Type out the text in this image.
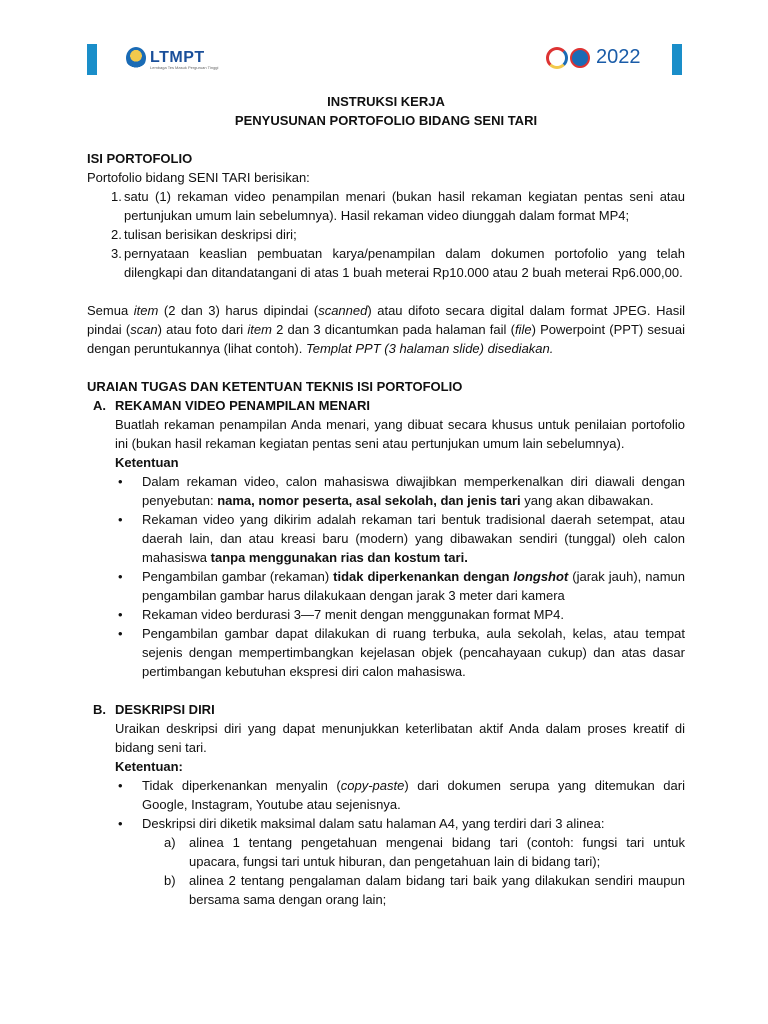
LTMPT
Lembaga Tes Masuk Perguruan Tinggi	2022

INSTRUKSI KERJA

PENYUSUNAN PORTOFOLIO BIDANG SENI TARI

ISI PORTOFOLIO

Portofolio bidang SENI TARI berisikan:

1. satu (1) rekaman video penampilan menari (bukan hasil rekaman kegiatan pentas seni atau pertunjukan umum lain sebelumnya). Hasil rekaman video diunggah dalam format MP4;
2. tulisan berisikan deskripsi diri;
3. pernyataan keaslian pembuatan karya/penampilan dalam dokumen portofolio yang telah dilengkapi dan ditandatangani di atas 1 buah meterai Rp10.000 atau 2 buah meterai Rp6.000,00.

Semua item (2 dan 3) harus dipindai (scanned) atau difoto secara digital dalam format JPEG. Hasil pindai (scan) atau foto dari item 2 dan 3 dicantumkan pada halaman fail (file) Powerpoint (PPT) sesuai dengan peruntukannya (lihat contoh). Templat PPT (3 halaman slide) disediakan.

URAIAN TUGAS DAN KETENTUAN TEKNIS ISI PORTOFOLIO

A. REKAMAN VIDEO PENAMPILAN MENARI

Buatlah rekaman penampilan Anda menari, yang dibuat secara khusus untuk penilaian portofolio ini (bukan hasil rekaman kegiatan pentas seni atau pertunjukan umum lain sebelumnya).

Ketentuan

• Dalam rekaman video, calon mahasiswa diwajibkan memperkenalkan diri diawali dengan penyebutan: nama, nomor peserta, asal sekolah, dan jenis tari yang akan dibawakan.
• Rekaman video yang dikirim adalah rekaman tari bentuk tradisional daerah setempat, atau daerah lain, dan atau kreasi baru (modern) yang dibawakan sendiri (tunggal) oleh calon mahasiswa tanpa menggunakan rias dan kostum tari.
• Pengambilan gambar (rekaman) tidak diperkenankan dengan longshot (jarak jauh), namun pengambilan gambar harus dilakukaan dengan jarak 3 meter dari kamera
• Rekaman video berdurasi 3—7 menit dengan menggunakan format MP4.
• Pengambilan gambar dapat dilakukan di ruang terbuka, aula sekolah, kelas, atau tempat sejenis dengan mempertimbangkan kejelasan objek (pencahayaan cukup) dan atas dasar pertimbangan kebutuhan ekspresi diri calon mahasiswa.
B. DESKRIPSI DIRI

Uraikan deskripsi diri yang dapat menunjukkan keterlibatan aktif Anda dalam proses kreatif di bidang seni tari.

Ketentuan:

• Tidak diperkenankan menyalin (copy-paste) dari dokumen serupa yang ditemukan dari Google, Instagram, Youtube atau sejenisnya.
• Deskripsi diri diketik maksimal dalam satu halaman A4, yang terdiri dari 3 alinea:
a) alinea 1 tentang pengetahuan mengenai bidang tari (contoh: fungsi tari untuk upacara, fungsi tari untuk hiburan, dan pengetahuan lain di bidang tari);
b) alinea 2 tentang pengalaman dalam bidang tari baik yang dilakukan sendiri maupun bersama sama dengan orang lain;
